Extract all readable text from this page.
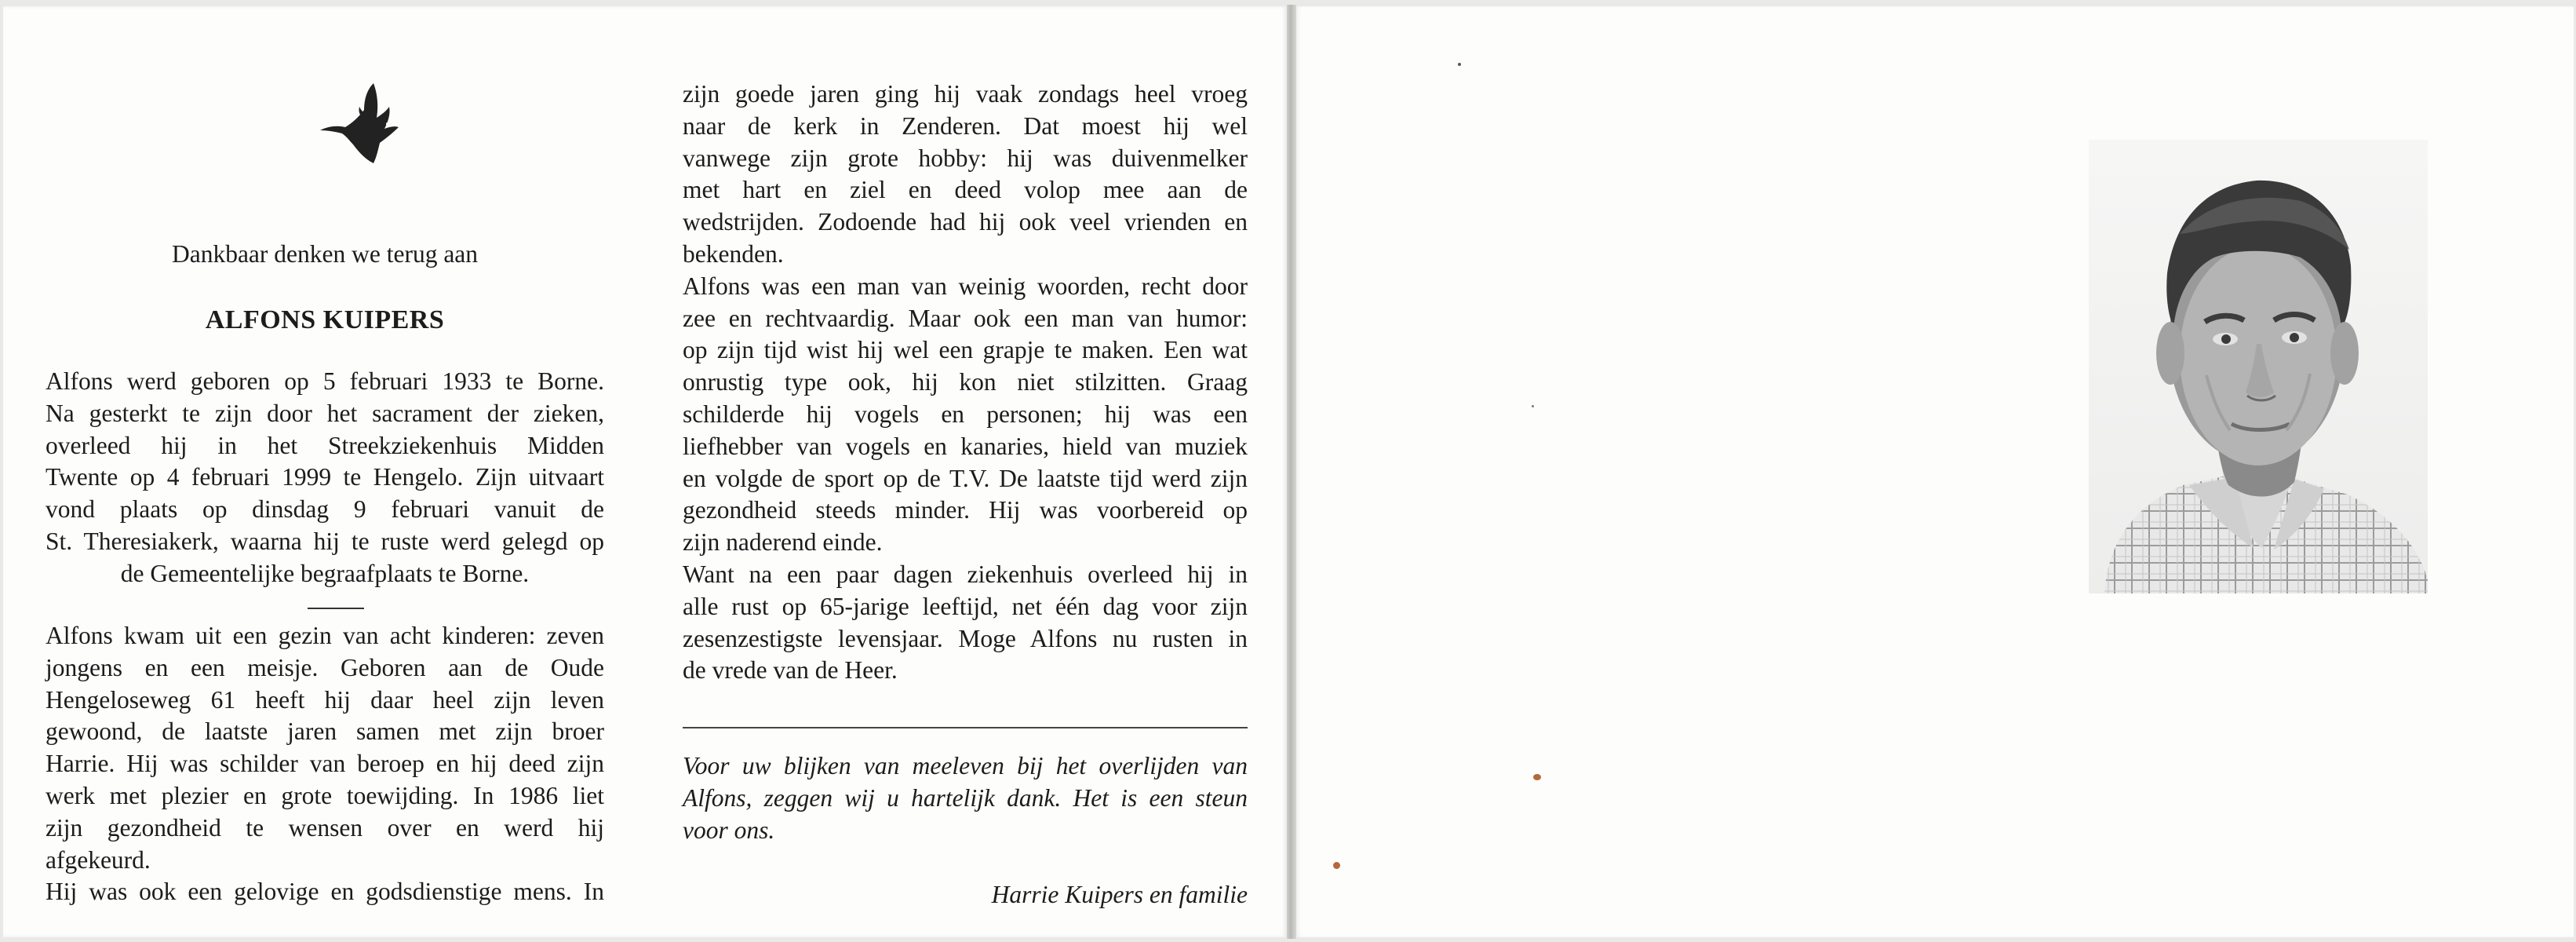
Dankbaar denken we terug aan
ALFONS KUIPERS
Alfons werd geboren op 5 februari 1933 te Borne.
Na gesterkt te zijn door het sacrament der zieken,
overleed hij in het Streekziekenhuis Midden
Twente op 4 februari 1999 te Hengelo. Zijn uitvaart
vond plaats op dinsdag 9 februari vanuit de
St. Theresiakerk, waarna hij te ruste werd gelegd op
de Gemeentelijke begraafplaats te Borne.
Alfons kwam uit een gezin van acht kinderen: zeven
jongens en een meisje. Geboren aan de Oude
Hengeloseweg 61 heeft hij daar heel zijn leven
gewoond, de laatste jaren samen met zijn broer
Harrie. Hij was schilder van beroep en hij deed zijn
werk met plezier en grote toewijding. In 1986 liet
zijn gezondheid te wensen over en werd hij
afgekeurd.
Hij was ook een gelovige en godsdienstige mens. In
zijn goede jaren ging hij vaak zondags heel vroeg
naar de kerk in Zenderen. Dat moest hij wel
vanwege zijn grote hobby: hij was duivenmelker
met hart en ziel en deed volop mee aan de
wedstrijden. Zodoende had hij ook veel vrienden en
bekenden.
Alfons was een man van weinig woorden, recht door
zee en rechtvaardig. Maar ook een man van humor:
op zijn tijd wist hij wel een grapje te maken. Een wat
onrustig type ook, hij kon niet stilzitten. Graag
schilderde hij vogels en personen; hij was een
liefhebber van vogels en kanaries, hield van muziek
en volgde de sport op de T.V. De laatste tijd werd zijn
gezondheid steeds minder. Hij was voorbereid op
zijn naderend einde.
Want na een paar dagen ziekenhuis overleed hij in
alle rust op 65-jarige leeftijd, net één dag voor zijn
zesenzestigste levensjaar. Moge Alfons nu rusten in
de vrede van de Heer.
Voor uw blijken van meeleven bij het overlijden van
Alfons, zeggen wij u hartelijk dank. Het is een steun
voor ons.
Harrie Kuipers en familie
